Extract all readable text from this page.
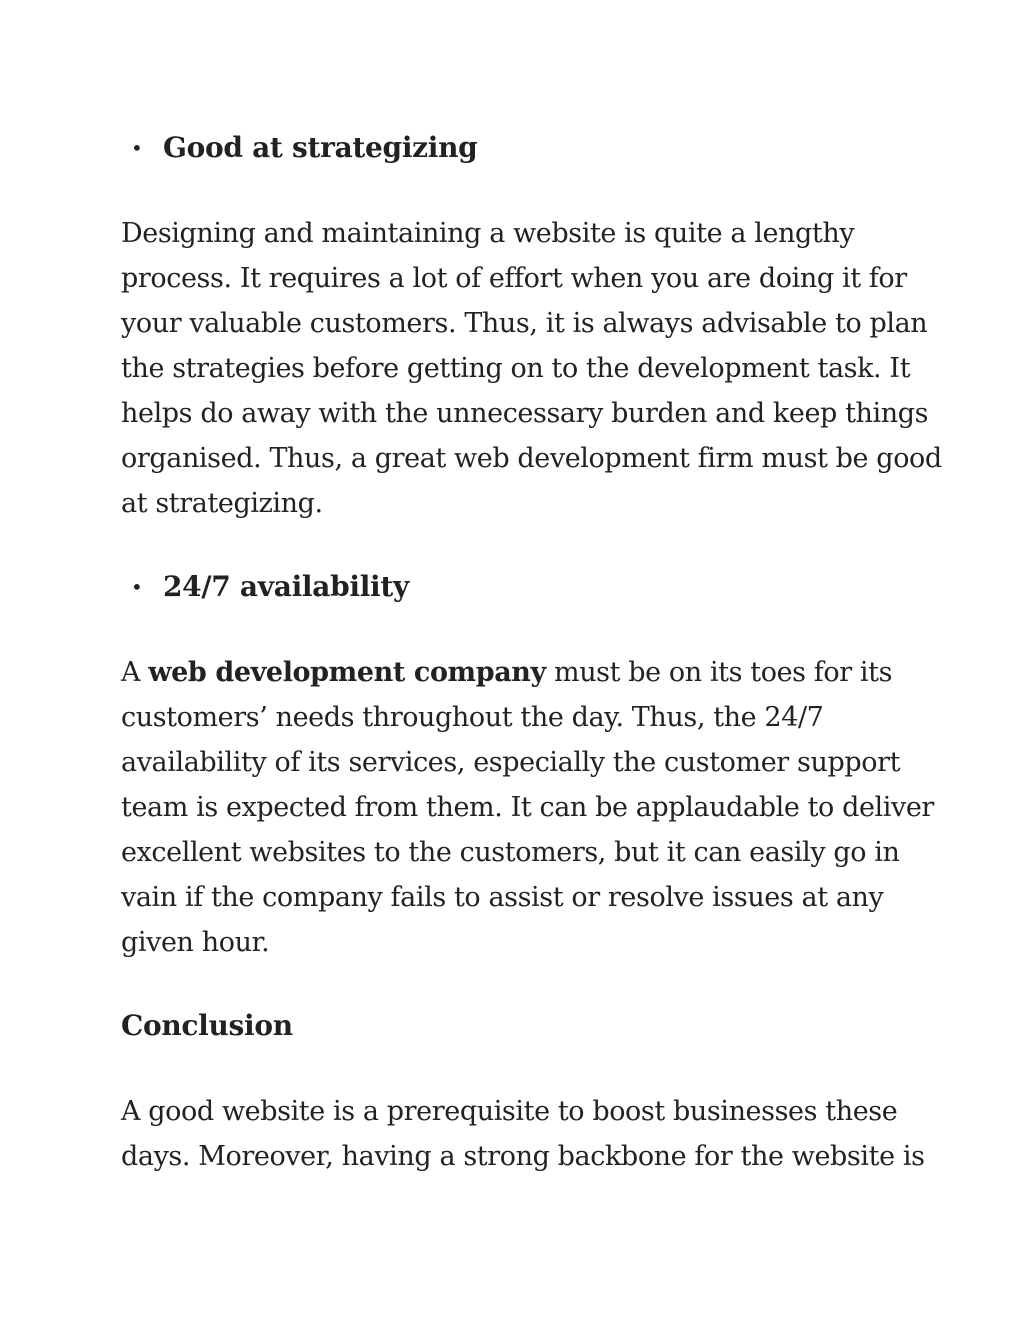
• Good at strategizing
Designing and maintaining a website is quite a lengthy
process. It requires a lot of effort when you are doing it for
your valuable customers. Thus, it is always advisable to plan
the strategies before getting on to the development task. It
helps do away with the unnecessary burden and keep things
organised. Thus, a great web development firm must be good
at strategizing.
• 24/7 availability
A web development company must be on its toes for its
customers’ needs throughout the day. Thus, the 24/7
availability of its services, especially the customer support
team is expected from them. It can be applaudable to deliver
excellent websites to the customers, but it can easily go in
vain if the company fails to assist or resolve issues at any
given hour.
Conclusion
A good website is a prerequisite to boost businesses these
days. Moreover, having a strong backbone for the website is
